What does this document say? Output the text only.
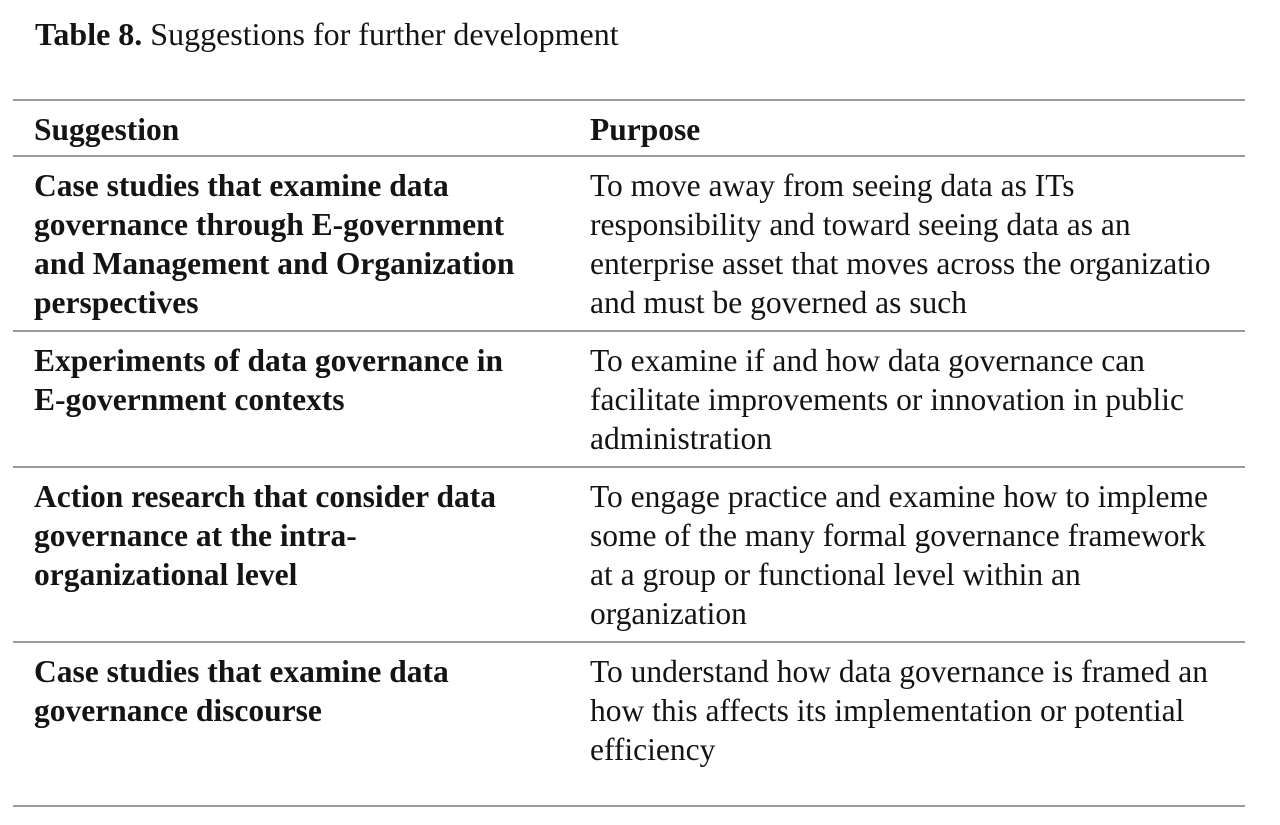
Table 8. Suggestions for further development
Suggestion	Purpose

Case studies that examine data
governance through E-government
and Management and Organization
perspectives	To move away from seeing data as ITs
responsibility and toward seeing data as an
enterprise asset that moves across the organizatio
and must be governed as such

Experiments of data governance in
E-government contexts	To examine if and how data governance can
facilitate improvements or innovation in public
administration

Action research that consider data
governance at the intra-
organizational level	To engage practice and examine how to impleme
some of the many formal governance framework
at a group or functional level within an
organization

Case studies that examine data
governance discourse	To understand how data governance is framed an
how this affects its implementation or potential
efficiency
